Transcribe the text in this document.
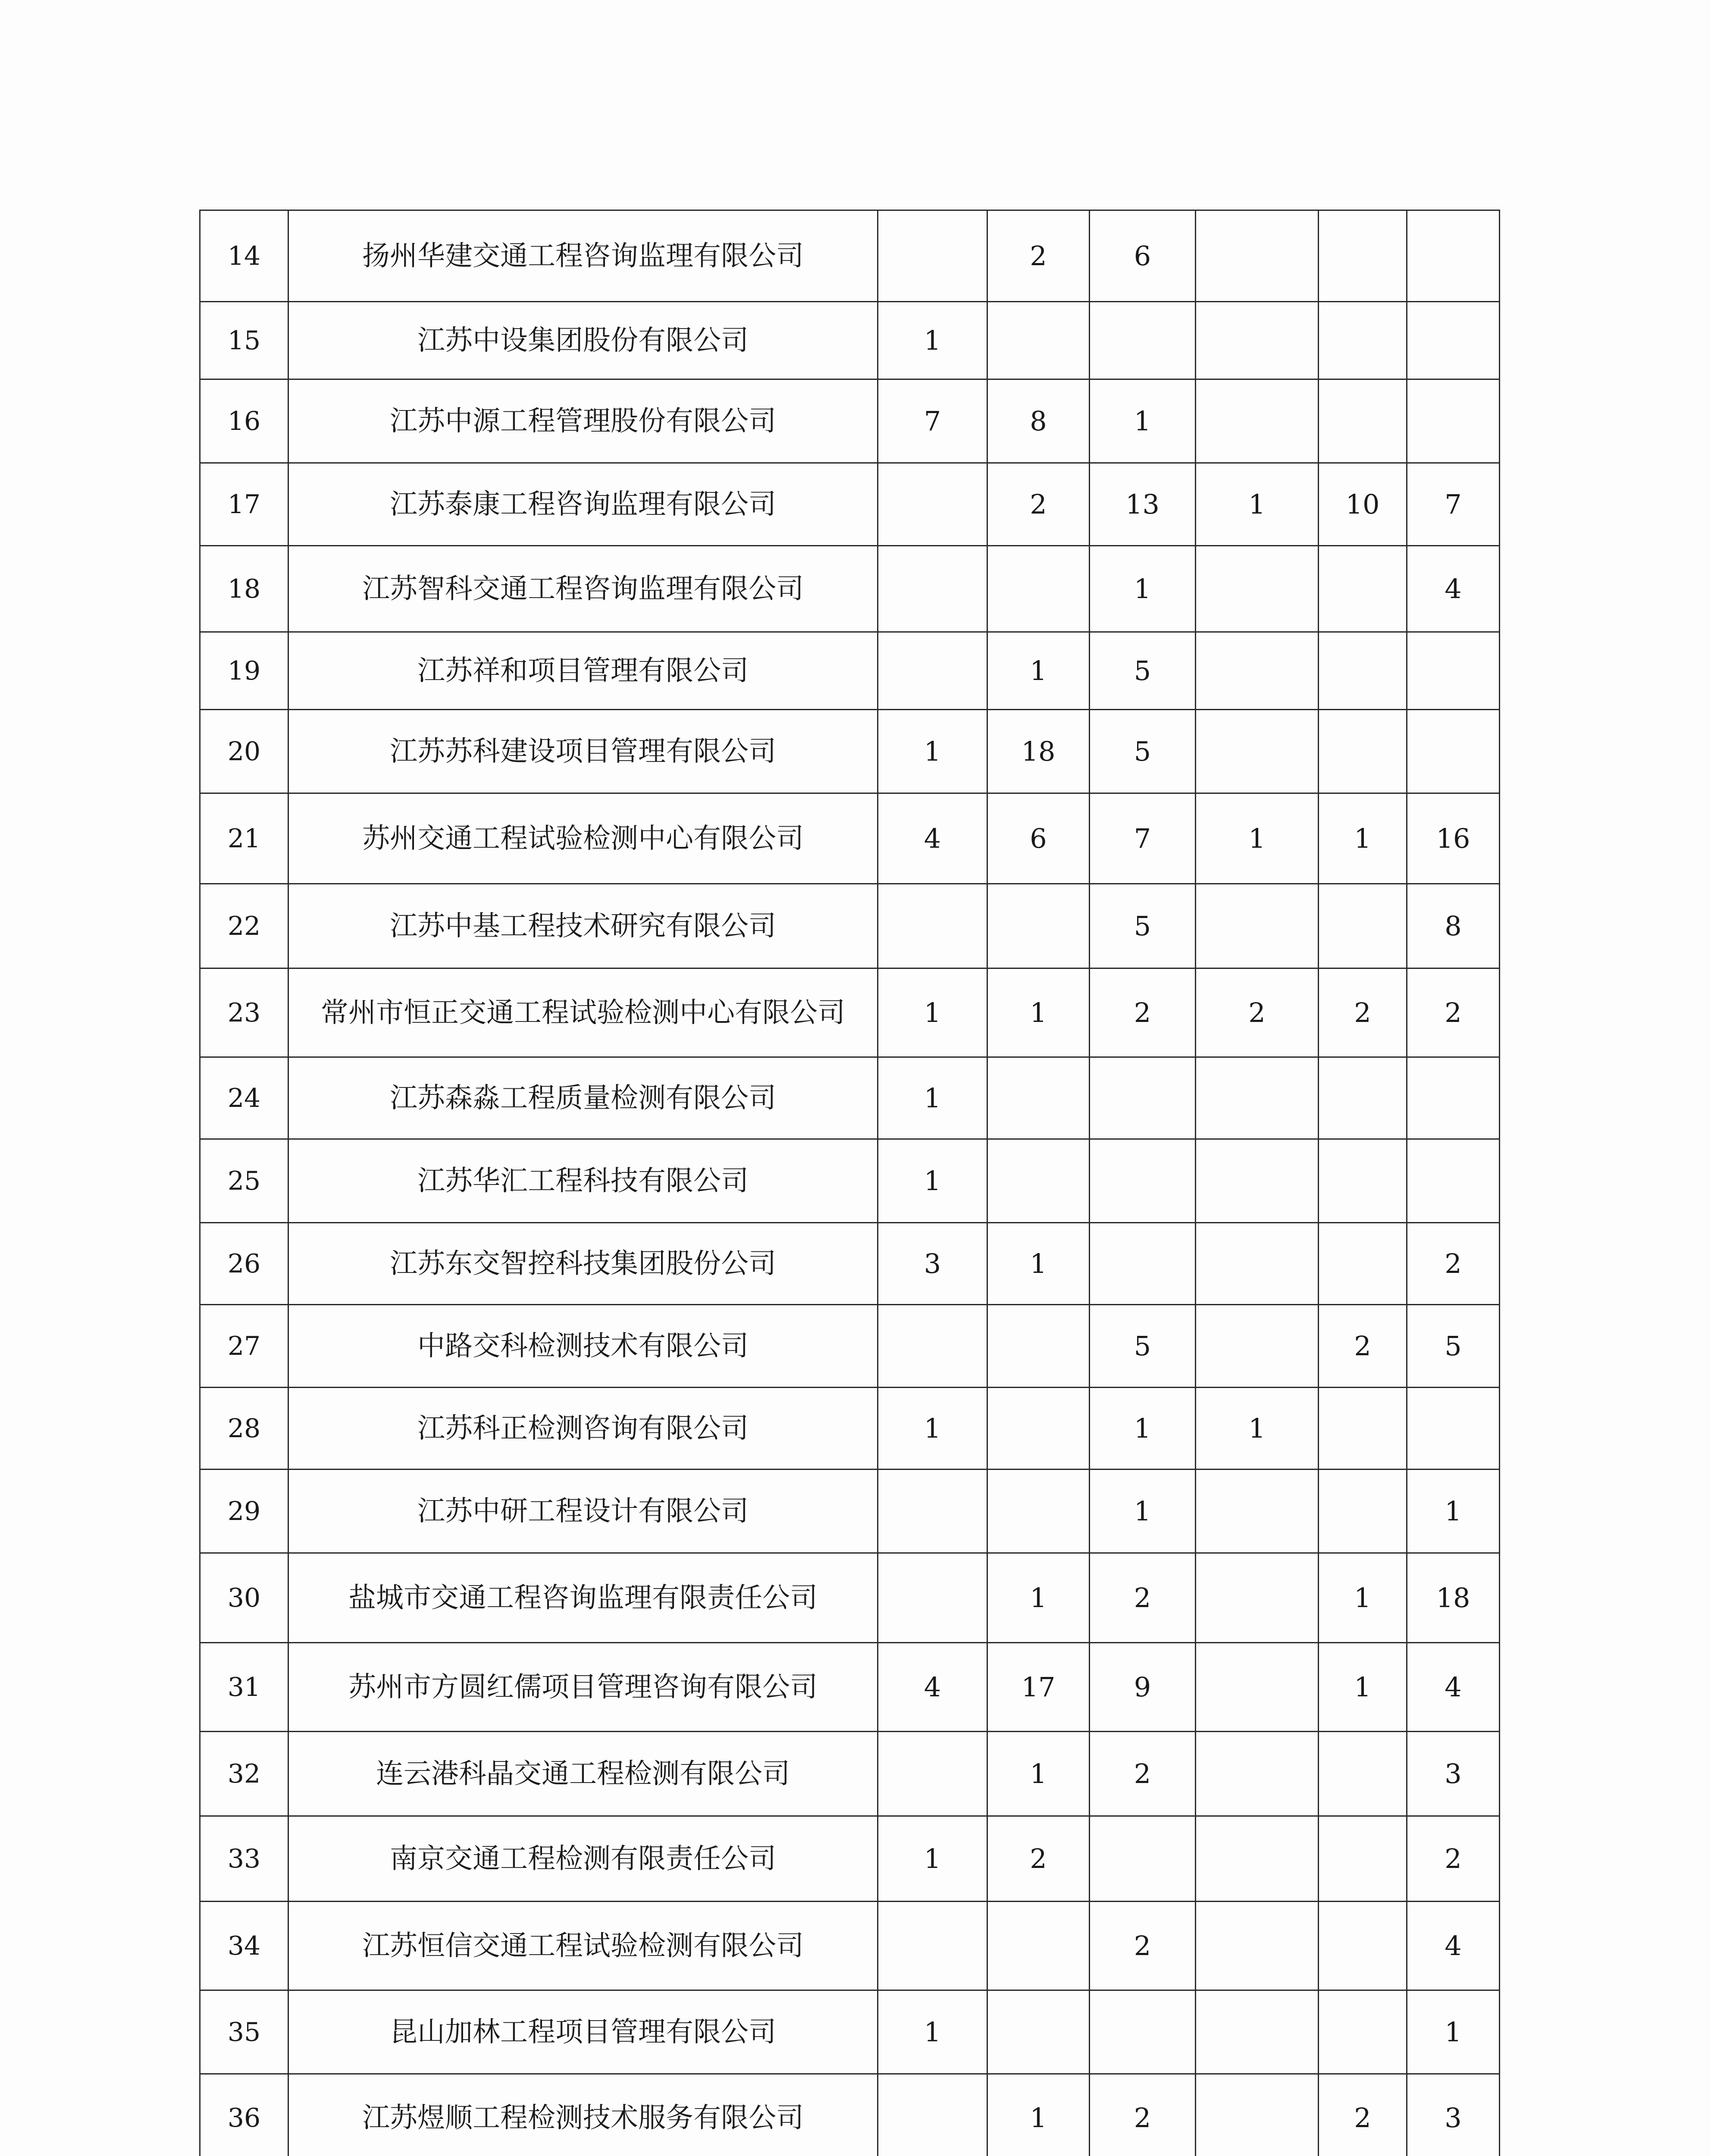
14	扬州华建交通工程咨询监理有限公司		2	6			
15	江苏中设集团股份有限公司	1					
16	江苏中源工程管理股份有限公司	7	8	1			
17	江苏泰康工程咨询监理有限公司		2	13	1	10	7
18	江苏智科交通工程咨询监理有限公司			1			4
19	江苏祥和项目管理有限公司		1	5			
20	江苏苏科建设项目管理有限公司	1	18	5			
21	苏州交通工程试验检测中心有限公司	4	6	7	1	1	16
22	江苏中基工程技术研究有限公司			5			8
23	常州市恒正交通工程试验检测中心有限公司	1	1	2	2	2	2
24	江苏森淼工程质量检测有限公司	1					
25	江苏华汇工程科技有限公司	1					
26	江苏东交智控科技集团股份公司	3	1				2
27	中路交科检测技术有限公司			5		2	5
28	江苏科正检测咨询有限公司	1		1	1		
29	江苏中研工程设计有限公司			1			1
30	盐城市交通工程咨询监理有限责任公司		1	2		1	18
31	苏州市方圆红儒项目管理咨询有限公司	4	17	9		1	4
32	连云港科晶交通工程检测有限公司		1	2			3
33	南京交通工程检测有限责任公司	1	2				2
34	江苏恒信交通工程试验检测有限公司			2			4
35	昆山加林工程项目管理有限公司	1					1
36	江苏煜顺工程检测技术服务有限公司		1	2		2	3
